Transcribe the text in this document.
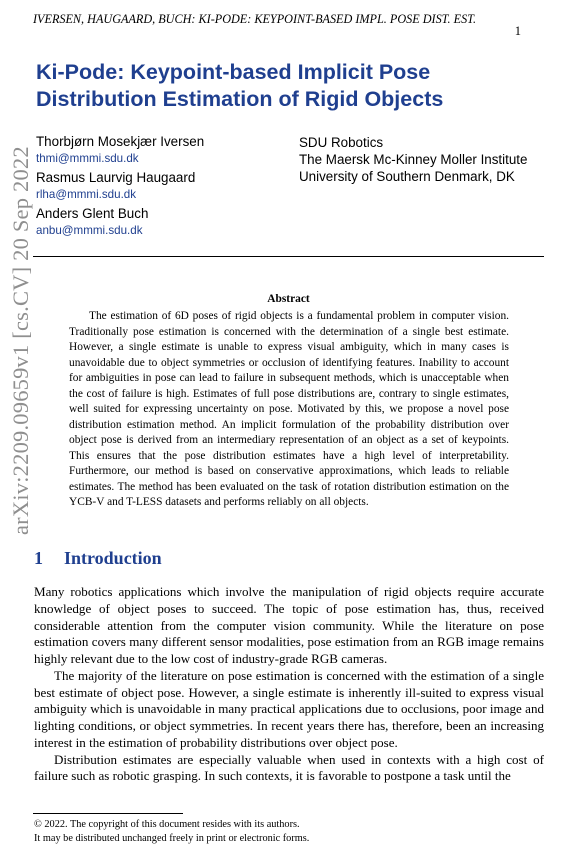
IVERSEN, HAUGAARD, BUCH: KI-PODE: KEYPOINT-BASED IMPL. POSE DIST. EST.
1
arXiv:2209.09659v1 [cs.CV] 20 Sep 2022
Ki-Pode: Keypoint-based Implicit Pose
Distribution Estimation of Rigid Objects
Thorbjørn Mosekjær Iversen
thmi@mmmi.sdu.dk
Rasmus Laurvig Haugaard
rlha@mmmi.sdu.dk
Anders Glent Buch
anbu@mmmi.sdu.dk
SDU Robotics
The Maersk Mc-Kinney Moller Institute
University of Southern Denmark, DK
Abstract
The estimation of 6D poses of rigid objects is a fundamental problem in computer vision. Traditionally pose estimation is concerned with the determination of a single best estimate. However, a single estimate is unable to express visual ambiguity, which in many cases is unavoidable due to object symmetries or occlusion of identifying features. Inability to account for ambiguities in pose can lead to failure in subsequent methods, which is unacceptable when the cost of failure is high. Estimates of full pose distributions are, contrary to single estimates, well suited for expressing uncertainty on pose. Motivated by this, we propose a novel pose distribution estimation method. An implicit formulation of the probability distribution over object pose is derived from an intermediary representation of an object as a set of keypoints. This ensures that the pose distribution estimates have a high level of interpretability. Furthermore, our method is based on conservative approximations, which leads to reliable estimates. The method has been evaluated on the task of rotation distribution estimation on the YCB-V and T-LESS datasets and performs reliably on all objects.
1 Introduction

Many robotics applications which involve the manipulation of rigid objects require accurate knowledge of object poses to succeed. The topic of pose estimation has, thus, received considerable attention from the computer vision community. While the literature on pose estimation covers many different sensor modalities, pose estimation from an RGB image remains highly relevant due to the low cost of industry-grade RGB cameras.

The majority of the literature on pose estimation is concerned with the estimation of a single best estimate of object pose. However, a single estimate is inherently ill-suited to express visual ambiguity which is unavoidable in many practical applications due to occlusions, poor image and lighting conditions, or object symmetries. In recent years there has, therefore, been an increasing interest in the estimation of probability distributions over object pose.

Distribution estimates are especially valuable when used in contexts with a high cost of failure such as robotic grasping. In such contexts, it is favorable to postpone a task until the

© 2022. The copyright of this document resides with its authors.
It may be distributed unchanged freely in print or electronic forms.
